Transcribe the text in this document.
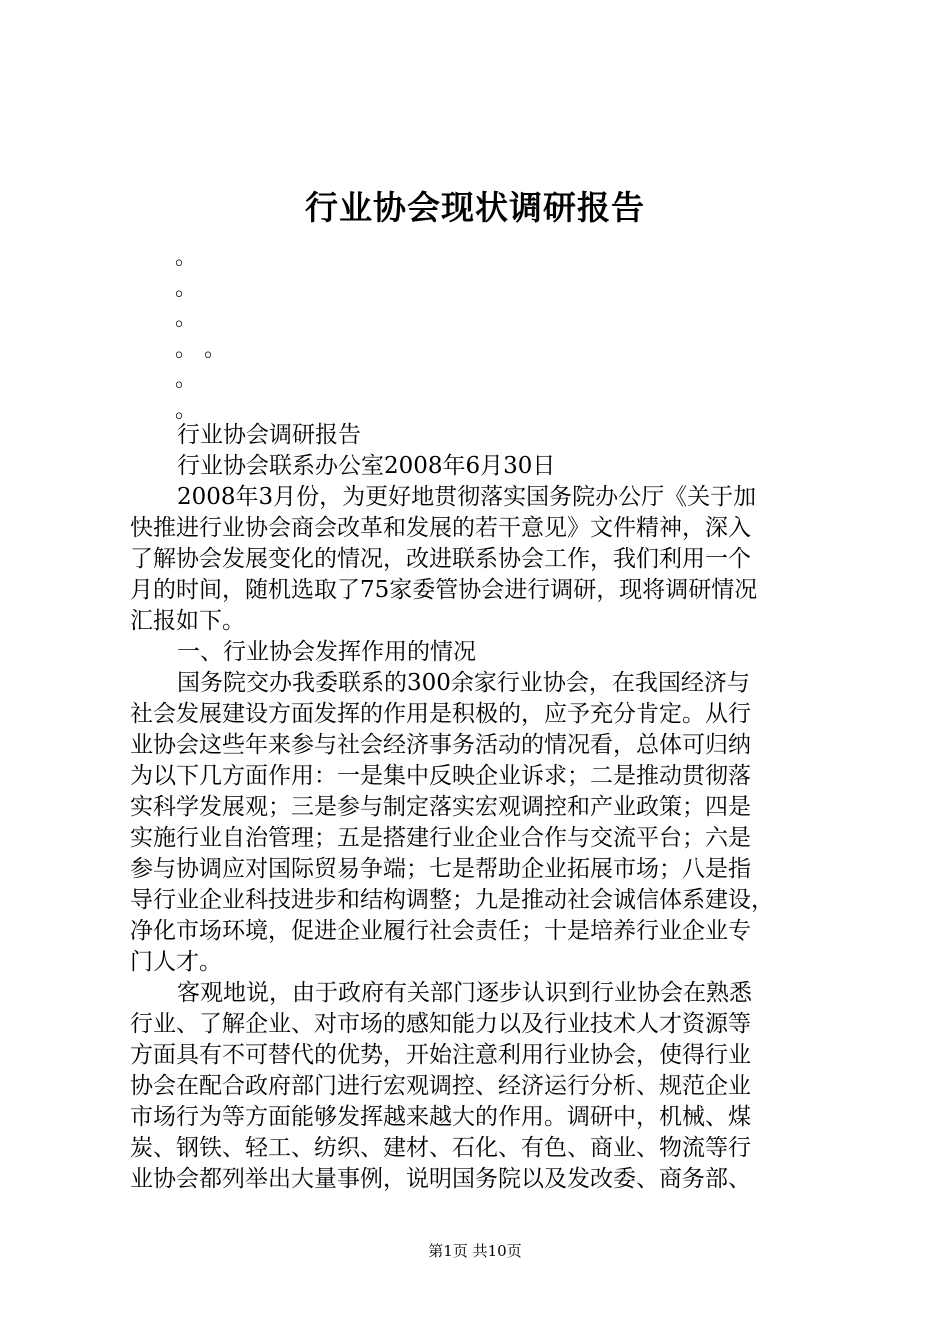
行业协会现状调研报告
。
。
。
。 。
。
。
行业协会调研报告
行业协会联系办公室2008年6月30日
2008年3月份，为更好地贯彻落实国务院办公厅《关于加
快推进行业协会商会改革和发展的若干意见》文件精神，深入
了解协会发展变化的情况，改进联系协会工作，我们利用一个
月的时间，随机选取了75家委管协会进行调研，现将调研情况
汇报如下。
一、行业协会发挥作用的情况
国务院交办我委联系的300余家行业协会，在我国经济与
社会发展建设方面发挥的作用是积极的，应予充分肯定。从行
业协会这些年来参与社会经济事务活动的情况看，总体可归纳
为以下几方面作用：一是集中反映企业诉求；二是推动贯彻落
实科学发展观；三是参与制定落实宏观调控和产业政策；四是
实施行业自治管理；五是搭建行业企业合作与交流平台；六是
参与协调应对国际贸易争端；七是帮助企业拓展市场；八是指
导行业企业科技进步和结构调整；九是推动社会诚信体系建设，
净化市场环境，促进企业履行社会责任；十是培养行业企业专
门人才。
客观地说，由于政府有关部门逐步认识到行业协会在熟悉
行业、了解企业、对市场的感知能力以及行业技术人才资源等
方面具有不可替代的优势，开始注意利用行业协会，使得行业
协会在配合政府部门进行宏观调控、经济运行分析、规范企业
市场行为等方面能够发挥越来越大的作用。调研中，机械、煤
炭、钢铁、轻工、纺织、建材、石化、有色、商业、物流等行
业协会都列举出大量事例，说明国务院以及发改委、商务部、
第1页 共10页
